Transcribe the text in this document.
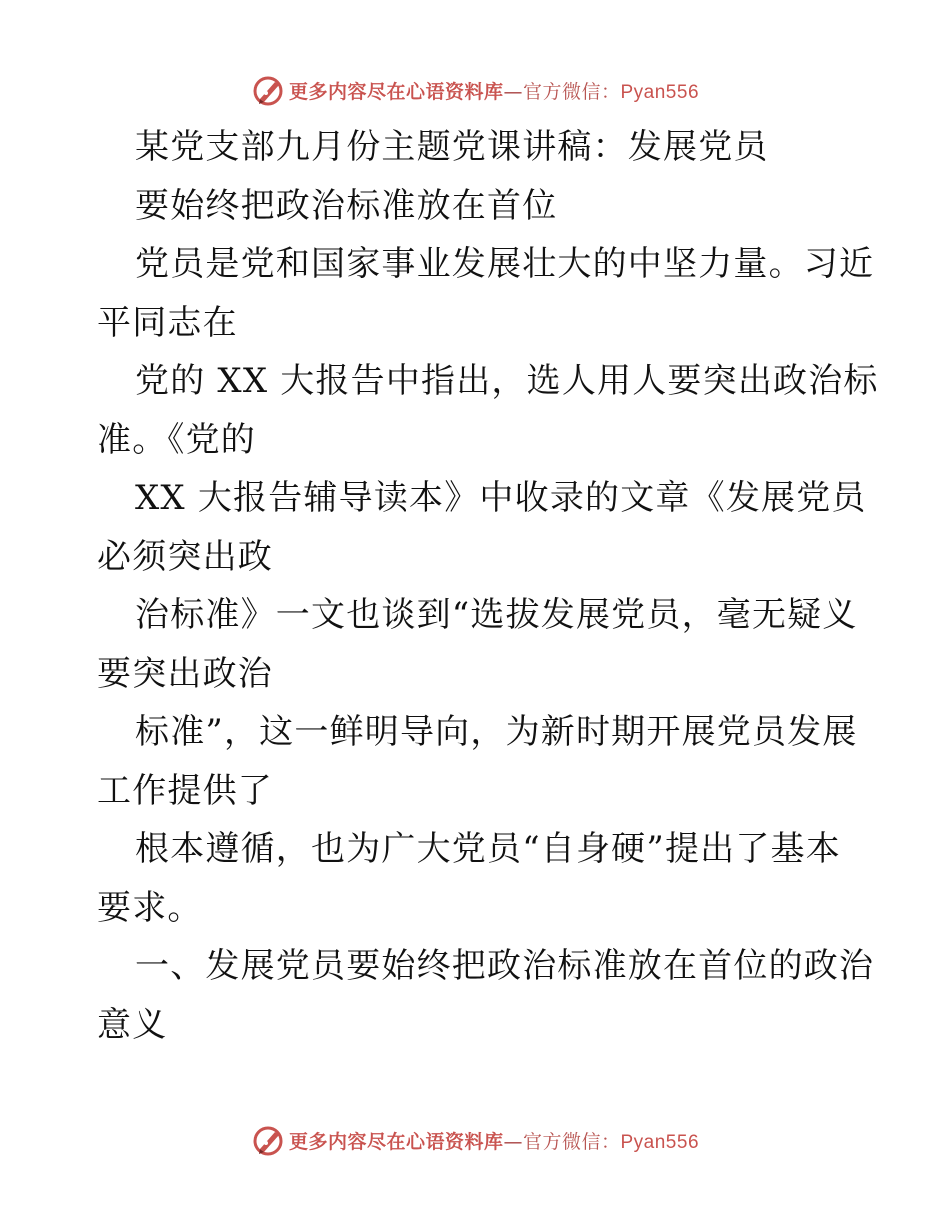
更多内容尽在心语资料库—官方微信：Pyan556
某党支部九月份主题党课讲稿：发展党员
要始终把政治标准放在首位
党员是党和国家事业发展壮大的中坚力量。习近
平同志在
党的 XX 大报告中指出，选人用人要突出政治标
准。《党的
XX 大报告辅导读本》中收录的文章《发展党员
必须突出政
治标准》一文也谈到“选拔发展党员，毫无疑义
要突出政治
标准”，这一鲜明导向，为新时期开展党员发展
工作提供了
根本遵循，也为广大党员“自身硬”提出了基本
要求。
一、发展党员要始终把政治标准放在首位的政治
意义
更多内容尽在心语资料库—官方微信：Pyan556
